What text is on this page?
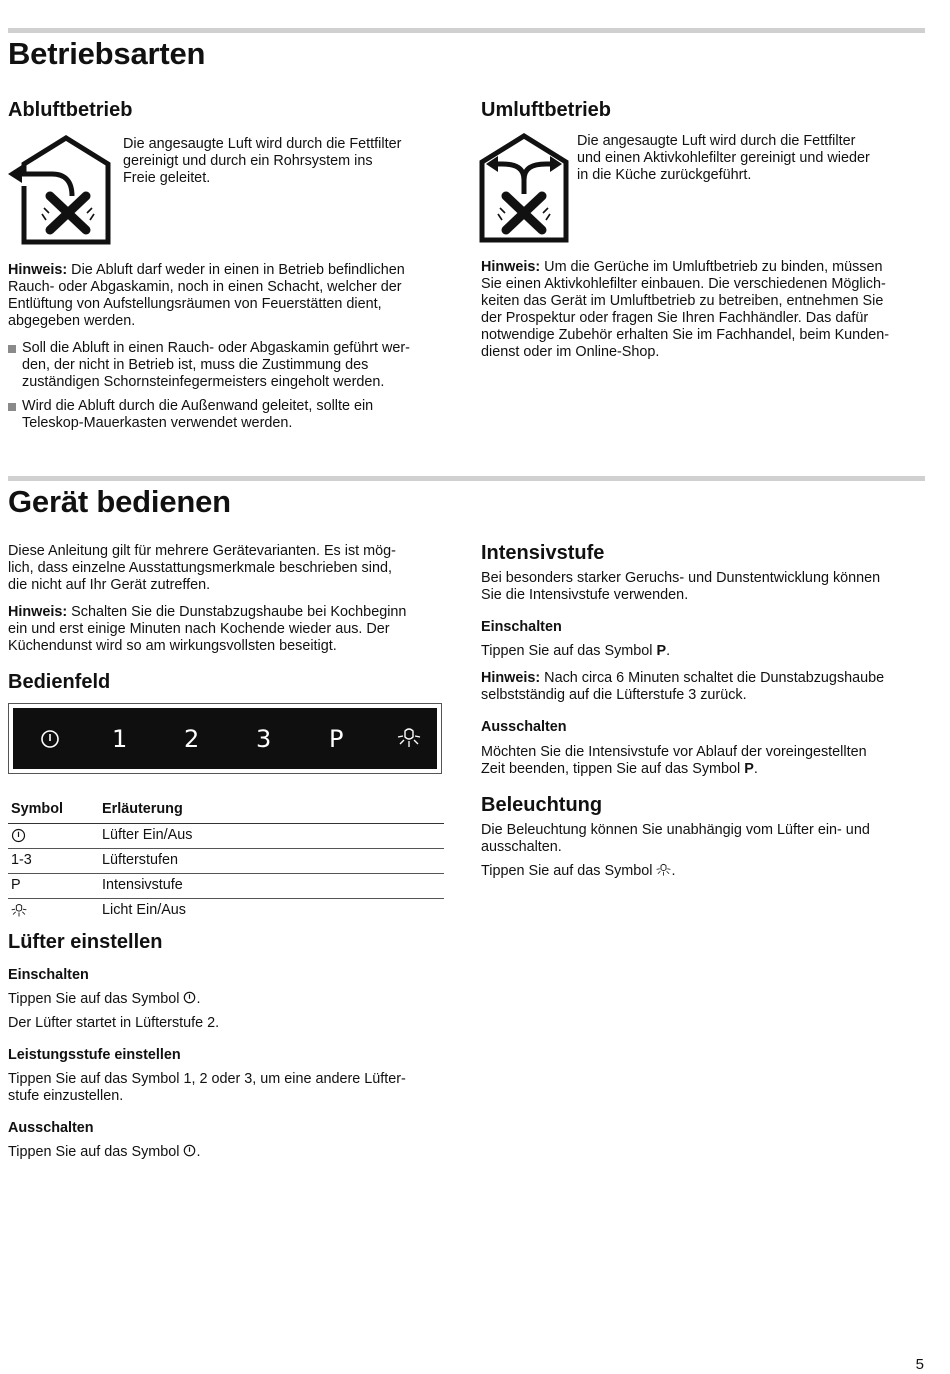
Betriebsarten
Abluftbetrieb

Die angesaugte Luft wird durch die Fettfilter

gereinigt und durch ein Rohrsystem ins

Freie geleitet.

Hinweis: Die Abluft darf weder in einen in Betrieb befindlichen

Rauch- oder Abgaskamin, noch in einen Schacht, welcher der

Entlüftung von Aufstellungsräumen von Feuerstätten dient,

abgegeben werden.

Soll die Abluft in einen Rauch- oder Abgaskamin geführt wer-
den, der nicht in Betrieb ist, muss die Zustimmung des
zuständigen Schornsteinfegermeisters eingeholt werden.
Wird die Abluft durch die Außenwand geleitet, sollte ein
Teleskop-Mauerkasten verwendet werden.
Umluftbetrieb

Die angesaugte Luft wird durch die Fettfilter

und einen Aktivkohlefilter gereinigt und wieder

in die Küche zurückgeführt.

Hinweis: Um die Gerüche im Umluftbetrieb zu binden, müssen

Sie einen Aktivkohlefilter einbauen. Die verschiedenen Möglich-

keiten das Gerät im Umluftbetrieb zu betreiben, entnehmen Sie

der Prospektur oder fragen Sie Ihren Fachhändler. Das dafür

notwendige Zubehör erhalten Sie im Fachhandel, beim Kunden-

dienst oder im Online-Shop.

Gerät bedienen

Diese Anleitung gilt für mehrere Gerätevarianten. Es ist mög-

lich, dass einzelne Ausstattungsmerkmale beschrieben sind,

die nicht auf Ihr Gerät zutreffen.

Hinweis: Schalten Sie die Dunstabzugshaube bei Kochbeginn

ein und erst einige Minuten nach Kochende wieder aus. Der

Küchendunst wird so am wirkungsvollsten beseitigt.

Bedienfeld
1 2 3 P
Symbol	Erläuterung
	Lüfter Ein/Aus
1-3	Lüfterstufen
P	Intensivstufe
	Licht Ein/Aus
Lüfter einstellen
Einschalten

Tippen Sie auf das Symbol .

Der Lüfter startet in Lüfterstufe 2.

Leistungsstufe einstellen

Tippen Sie auf das Symbol 1, 2 oder 3, um eine andere Lüfter-

stufe einzustellen.

Ausschalten

Tippen Sie auf das Symbol .

Intensivstufe

Bei besonders starker Geruchs- und Dunstentwicklung können

Sie die Intensivstufe verwenden.

Einschalten

Tippen Sie auf das Symbol P.

Hinweis: Nach circa 6 Minuten schaltet die Dunstabzugshaube

selbstständig auf die Lüfterstufe 3 zurück.

Ausschalten

Möchten Sie die Intensivstufe vor Ablauf der voreingestellten

Zeit beenden, tippen Sie auf das Symbol P.

Beleuchtung

Die Beleuchtung können Sie unabhängig vom Lüfter ein- und

ausschalten.

Tippen Sie auf das Symbol .

5
